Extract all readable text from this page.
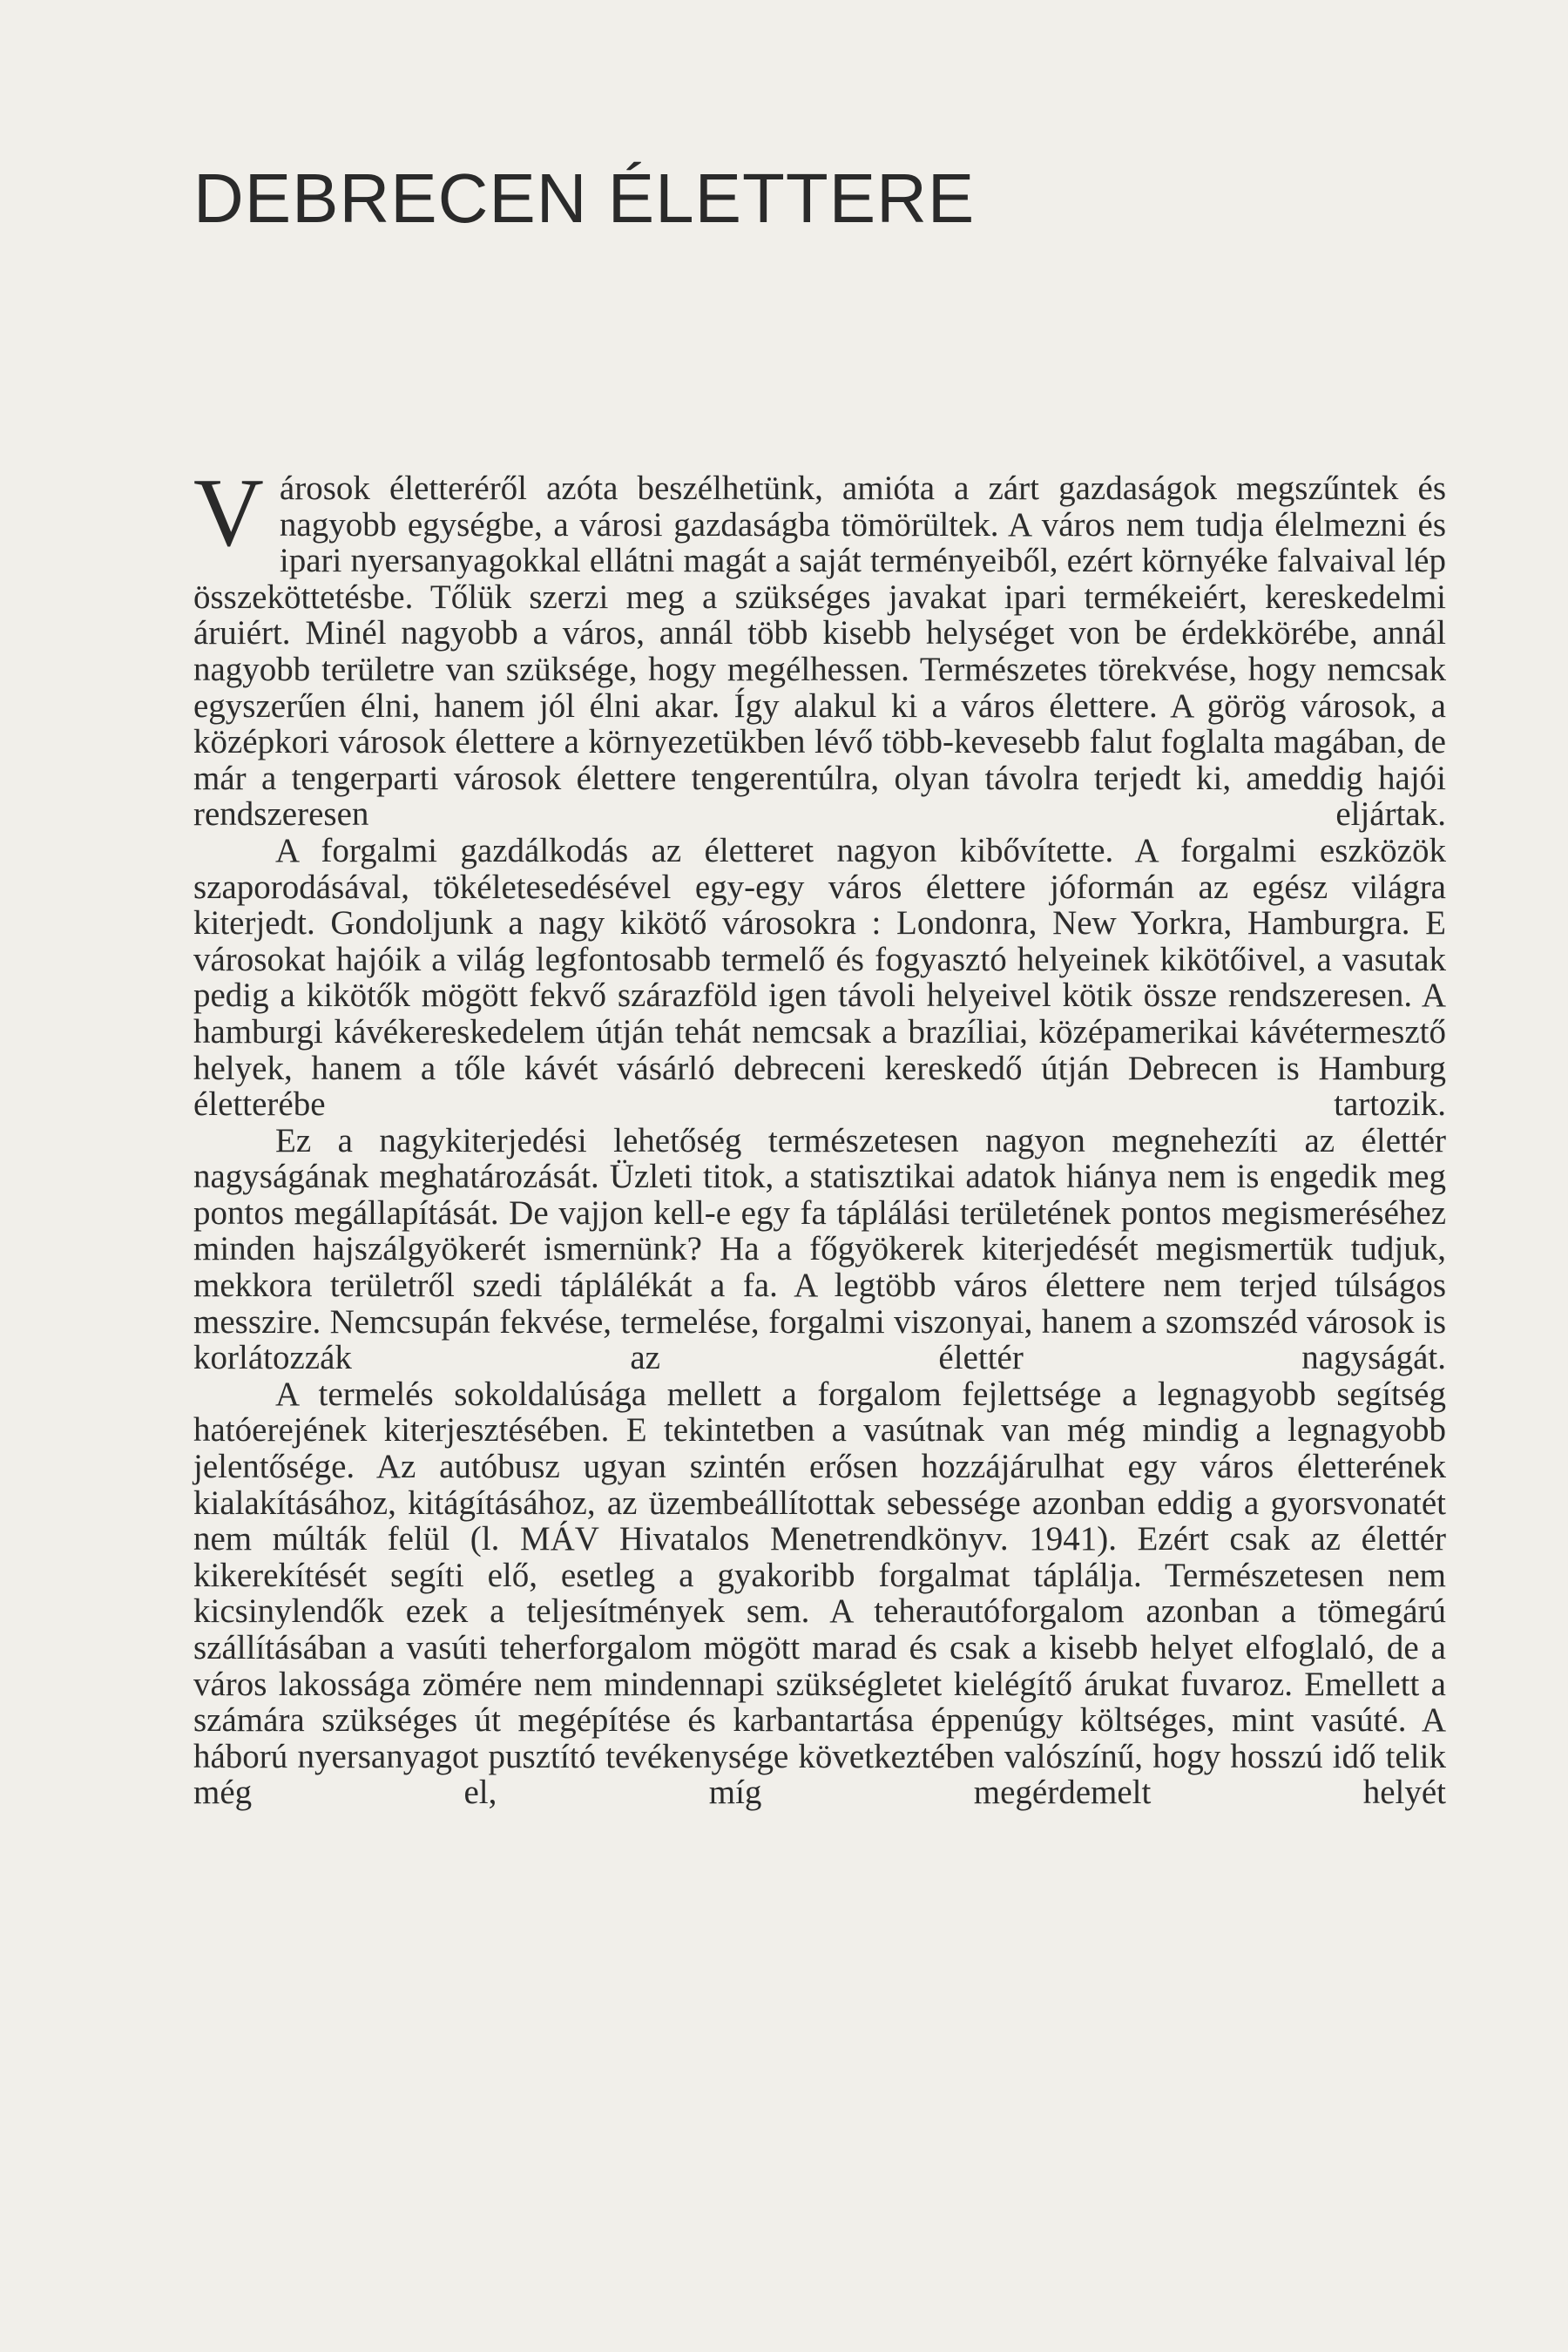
DEBRECEN ÉLETTERE

Városok életteréről azóta beszélhetünk, amióta a zárt gazdaságok megszűntek és nagyobb egységbe, a városi gazdaságba tömörültek. A város nem tudja élelmezni és ipari nyersanyagokkal ellátni magát a saját terményeiből, ezért környéke falvaival lép összeköttetésbe. Tőlük szerzi meg a szükséges javakat ipari termékeiért, kereskedelmi áruiért. Minél nagyobb a város, annál több kisebb helységet von be érdekkörébe, annál nagyobb területre van szüksége, hogy megélhessen. Természetes törekvése, hogy nemcsak egyszerűen élni, hanem jól élni akar. Így alakul ki a város élettere. A görög városok, a középkori városok élettere a környezetükben lévő több-kevesebb falut foglalta magában, de már a tengerparti városok élettere tengerentúlra, olyan távolra terjedt ki, ameddig hajói rendszeresen eljártak.

A forgalmi gazdálkodás az életteret nagyon kibővítette. A forgalmi eszközök szaporodásával, tökéletesedésével egy-egy város élettere jóformán az egész világra kiterjedt. Gondoljunk a nagy kikötő városokra : Londonra, New Yorkra, Hamburgra. E városokat hajóik a világ legfontosabb termelő és fogyasztó helyeinek kikötőivel, a vasutak pedig a kikötők mögött fekvő szárazföld igen távoli helyeivel kötik össze rendszeresen. A hamburgi kávékereskedelem útján tehát nemcsak a brazíliai, középamerikai kávétermesztő helyek, hanem a tőle kávét vásárló debreceni kereskedő útján Debrecen is Hamburg életterébe tartozik.

Ez a nagykiterjedési lehetőség természetesen nagyon megnehezíti az élettér nagyságának meghatározását. Üzleti titok, a statisztikai adatok hiánya nem is engedik meg pontos megállapítását. De vajjon kell-e egy fa táplálási területének pontos megismeréséhez minden hajszálgyökerét ismernünk? Ha a főgyökerek kiterjedését megismertük tudjuk, mekkora területről szedi táplálékát a fa. A legtöbb város élettere nem terjed túlságos messzire. Nemcsupán fekvése, termelése, forgalmi viszonyai, hanem a szomszéd városok is korlátozzák az élettér nagyságát.

A termelés sokoldalúsága mellett a forgalom fejlettsége a legnagyobb segítség hatóerejének kiterjesztésében. E tekintetben a vasútnak van még mindig a legnagyobb jelentősége. Az autóbusz ugyan szintén erősen hozzájárulhat egy város életterének kialakításához, kitágításához, az üzembeállítottak sebessége azonban eddig a gyorsvonatét nem múlták felül (l. MÁV Hivatalos Menetrendkönyv. 1941). Ezért csak az élettér kikerekítését segíti elő, esetleg a gyakoribb forgalmat táplálja. Természetesen nem kicsinylendők ezek a teljesítmények sem. A teherautóforgalom azonban a tömegárú szállításában a vasúti teherforgalom mögött marad és csak a kisebb helyet elfoglaló, de a város lakossága zömére nem mindennapi szükségletet kielégítő árukat fuvaroz. Emellett a számára szükséges út megépítése és karbantartása éppenúgy költséges, mint vasúté. A háború nyersanyagot pusztító tevékenysége következtében valószínű, hogy hosszú idő telik még el, míg megérdemelt helyét
